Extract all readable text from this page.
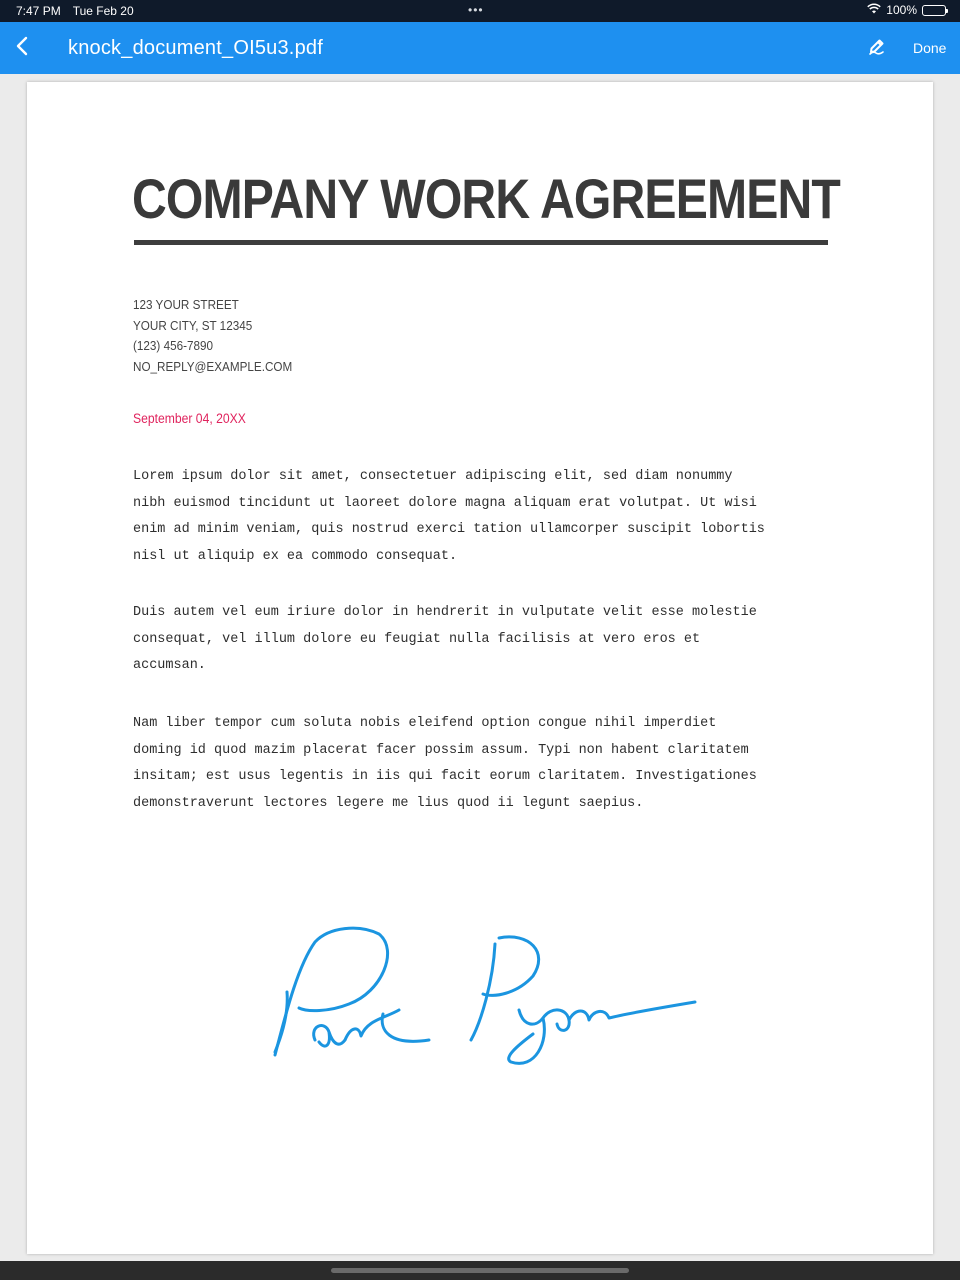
7:47 PM Tue Feb 20	•••	100%
knock_document_OI5u3.pdf	Done
COMPANY WORK AGREEMENT
123 YOUR STREET
YOUR CITY, ST 12345
(123) 456-7890
NO_REPLY@EXAMPLE.COM
September 04, 20XX
Lorem ipsum dolor sit amet, consectetuer adipiscing elit, sed diam nonummy
nibh euismod tincidunt ut laoreet dolore magna aliquam erat volutpat. Ut wisi
enim ad minim veniam, quis nostrud exerci tation ullamcorper suscipit lobortis
nisl ut aliquip ex ea commodo consequat.
Duis autem vel eum iriure dolor in hendrerit in vulputate velit esse molestie
consequat, vel illum dolore eu feugiat nulla facilisis at vero eros et
accumsan.
Nam liber tempor cum soluta nobis eleifend option congue nihil imperdiet
doming id quod mazim placerat facer possim assum. Typi non habent claritatem
insitam; est usus legentis in iis qui facit eorum claritatem. Investigationes
demonstraverunt lectores legere me lius quod ii legunt saepius.
